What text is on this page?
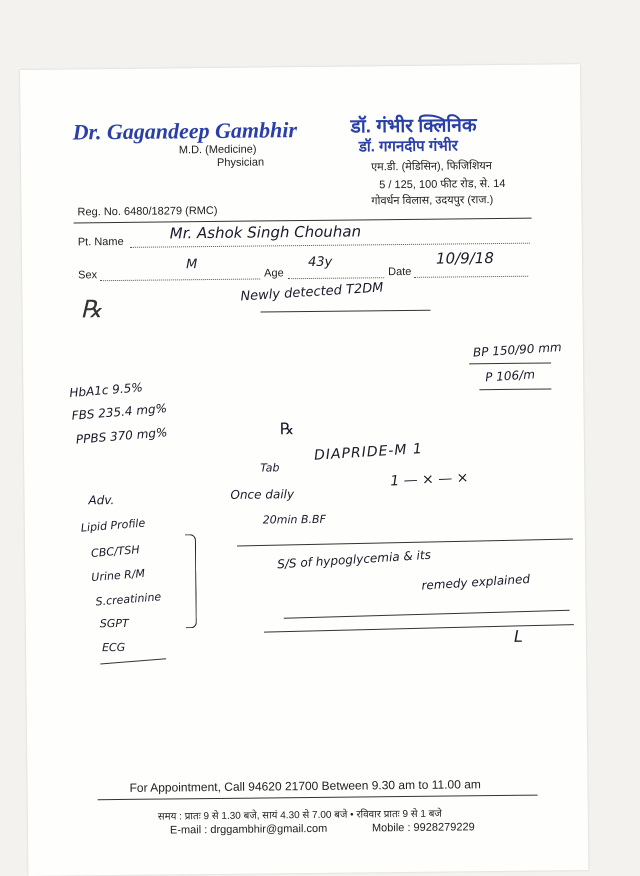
Dr. Gagandeep Gambhir
M.D. (Medicine)
Physician
डॉ. गंभीर क्लिनिक
डॉ. गगनदीप गंभीर
एम.डी. (मेडिसिन), फिजिशियन
5 / 125, 100 फीट रोड, से. 14
गोवर्धन विलास, उदयपुर (राज.)
Reg. No. 6480/18279 (RMC)
Pt. Name	Mr. Ashok Singh Chouhan
Sex
M
Age
43y
Date
10/9/18
℞
Newly detected T2DM
BP 150/90 mm
P 106/m
HbA1c 9.5%
FBS 235.4 mg%
PPBS 370 mg%	℞
Tab
DIAPRIDE-M 1
1 — × — ×
Once daily
20min B.BF
Adv.
Lipid Profile
CBC/TSH
Urine R/M
S.creatinine
SGPT
ECG
S/S of hypoglycemia & its
remedy explained
L
For Appointment, Call 94620 21700 Between 9.30 am to 11.00 am
समय : प्रातः 9 से 1.30 बजे, सायं 4.30 से 7.00 बजे • रविवार प्रातः 9 से 1 बजे
E-mail : drggambhir@gmail.com	Mobile : 9928279229
